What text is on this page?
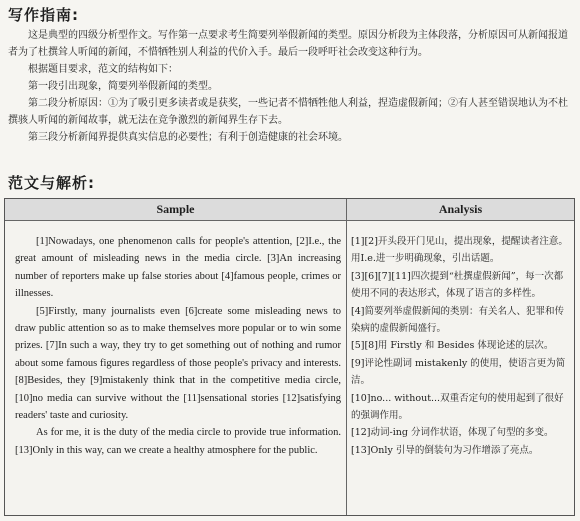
写作指南:

这是典型的四级分析型作文。写作第一点要求考生简要列举假新闻的类型。原因分析段为主体段落，分析原因可从新闻报道者为了杜撰耸人听闻的新闻，不惜牺牲别人利益的代价入手。最后一段呼吁社会改变这种行为。

根据题目要求，范文的结构如下：

第一段引出现象，简要列举假新闻的类型。

第二段分析原因：①为了吸引更多读者或是获奖，一些记者不惜牺牲他人利益，捏造虚假新闻；②有人甚至错误地认为不杜撰骇人听闻的新闻故事，就无法在竞争激烈的新闻界生存下去。

第三段分析新闻界提供真实信息的必要性；有利于创造健康的社会环境。

范文与解析:
Sample	Analysis

[1]Nowadays, one phenomenon calls for people's attention, [2]I.e., the great amount of misleading news in the media circle. [3]An increasing number of reporters make up false stories about [4]famous people, crimes or illnesses.

[5]Firstly, many journalists even [6]create some misleading news to draw public attention so as to make themselves more popular or to win some prizes. [7]In such a way, they try to get something out of nothing and rumor about some famous figures regardless of those people's privacy and interests. [8]Besides, they [9]mistakenly think that in the competitive media circle, [10]no media can survive without the [11]sensational stories [12]satisfying readers' taste and curiosity.

As for me, it is the duty of the media circle to provide true information. [13]Only in this way, can we create a healthy atmosphere for the public.

[1][2]开头段开门见山，提出现象，提醒读者注意。用I.e.进一步明确现象，引出话题。

[3][6][7][11]四次提到“杜撰虚假新闻”，每一次都使用不同的表达形式，体现了语言的多样性。

[4]简要列举虚假新闻的类别：有关名人、犯罪和传染病的虚假新闻盛行。

[5][8]用 Firstly 和 Besides 体现论述的层次。

[9]评论性副词 mistakenly 的使用，使语言更为简洁。

[10]no... without...双重否定句的使用起到了很好的强调作用。

[12]动词-ing 分词作状语，体现了句型的多变。

[13]Only 引导的倒装句为习作增添了亮点。
